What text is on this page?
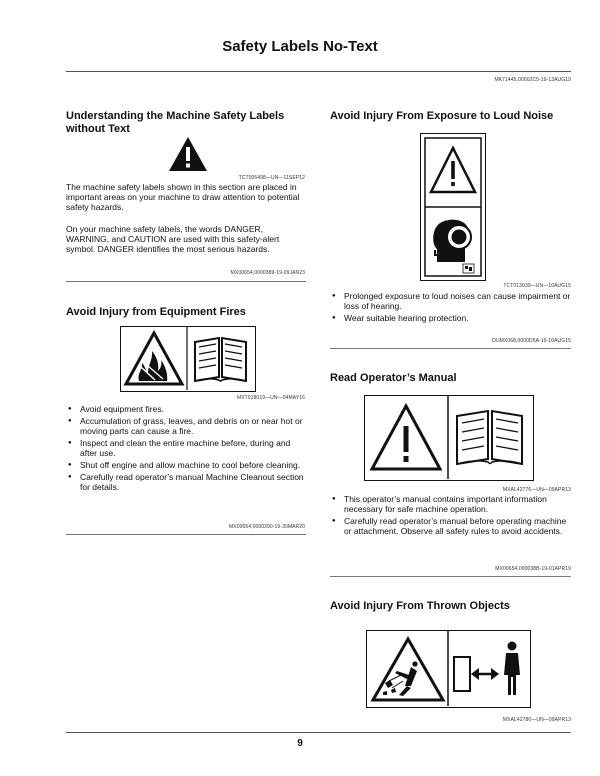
Safety Labels No-Text
MK71445,00002C5-19-13AUG19
Understanding the Machine Safety Labels without Text
TCT005498—UN—11SEP12

The machine safety labels shown in this section are placed in important areas on your machine to draw attention to potential safety hazards.

On your machine safety labels, the words DANGER, WARNING, and CAUTION are used with this safety-alert symbol. DANGER identifies the most serious hazards.

MX00654,0000389-19-09JAN23
Avoid Injury from Equipment Fires
MXT018019—UN—04MAY16
● Avoid equipment fires.
● Accumulation of grass, leaves, and debris on or near hot or moving parts can cause a fire.
● Inspect and clean the entire machine before, during and after use.
● Shut off engine and allow machine to cool before cleaning.
● Carefully read operator’s manual Machine Cleanout section for details.
MX00654,0000390-19-30MAR20
Avoid Injury From Exposure to Loud Noise
TCT013039—UN—10AUG15
● Prolonged exposure to loud noises can cause impairment or loss of hearing.
● Wear suitable hearing protection.
OUMX068,0000D5A-19-10AUG15
Read Operator’s Manual
MXAL42776—UN—09APR13
● This operator’s manual contains important information necessary for safe machine operation.
● Carefully read operator’s manual before operating machine or attachment. Observe all safety rules to avoid accidents.
MX00654,000038B-19-01APR19
Avoid Injury From Thrown Objects
MXAL42780—UN—09APR13
9
